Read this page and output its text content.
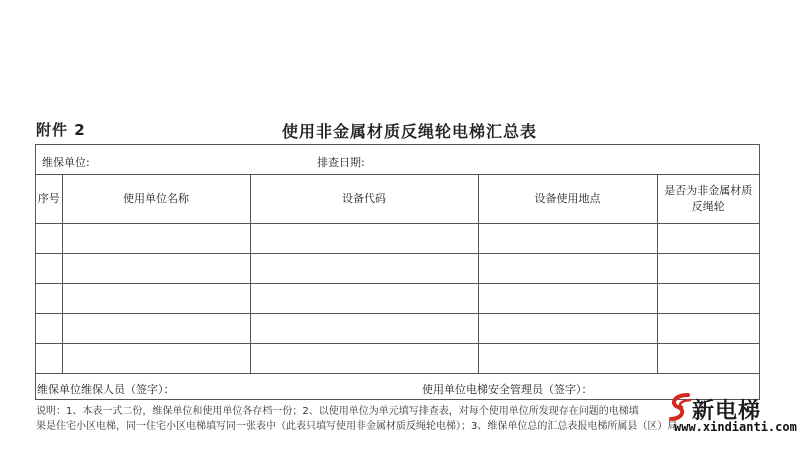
附件 2	使用非金属材质反绳轮电梯汇总表
维保单位:	排查日期:
序号	使用单位名称	设备代码	设备使用地点	是否为非金属材质反绳轮

维保单位维保人员（签字）：	使用单位电梯安全管理员（签字）：
说明：1、本表一式二份，维保单位和使用单位各存档一份；2、以使用单位为单元填写排查表，对每个使用单位所发现存在问题的电梯填
果是住宅小区电梯，同一住宅小区电梯填写同一张表中（此表只填写使用非金属材质反绳轮电梯）；3、维保单位总的汇总表报电梯所属县（区）局
新电梯
www.xindianti.com
